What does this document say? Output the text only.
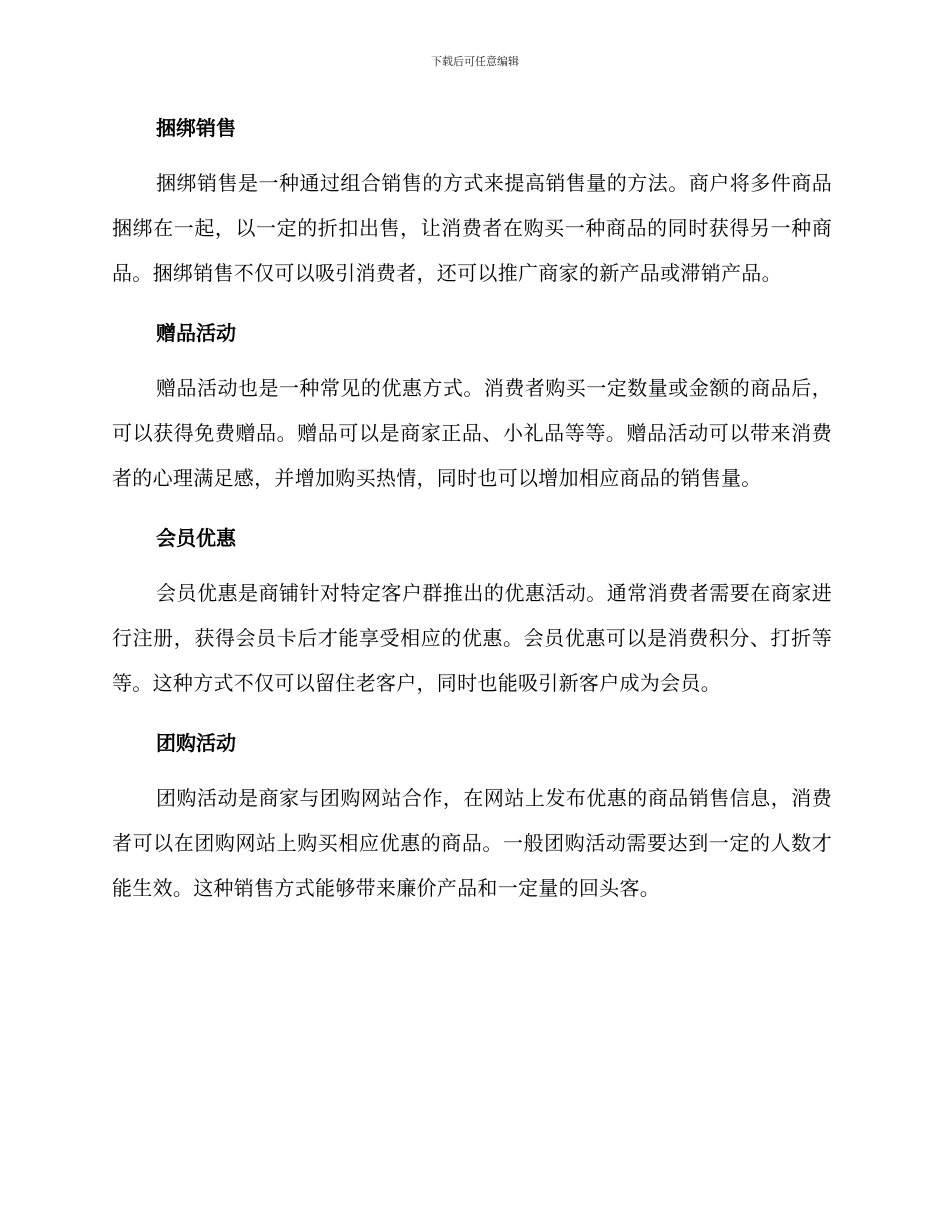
下载后可任意编辑
捆绑销售

捆绑销售是一种通过组合销售的方式来提高销售量的方法。商户将多件商品捆绑在一起，以一定的折扣出售，让消费者在购买一种商品的同时获得另一种商品。捆绑销售不仅可以吸引消费者，还可以推广商家的新产品或滞销产品。

赠品活动

赠品活动也是一种常见的优惠方式。消费者购买一定数量或金额的商品后，可以获得免费赠品。赠品可以是商家正品、小礼品等等。赠品活动可以带来消费者的心理满足感，并增加购买热情，同时也可以增加相应商品的销售量。

会员优惠

会员优惠是商铺针对特定客户群推出的优惠活动。通常消费者需要在商家进行注册，获得会员卡后才能享受相应的优惠。会员优惠可以是消费积分、打折等等。这种方式不仅可以留住老客户，同时也能吸引新客户成为会员。

团购活动

团购活动是商家与团购网站合作，在网站上发布优惠的商品销售信息，消费者可以在团购网站上购买相应优惠的商品。一般团购活动需要达到一定的人数才能生效。这种销售方式能够带来廉价产品和一定量的回头客。
